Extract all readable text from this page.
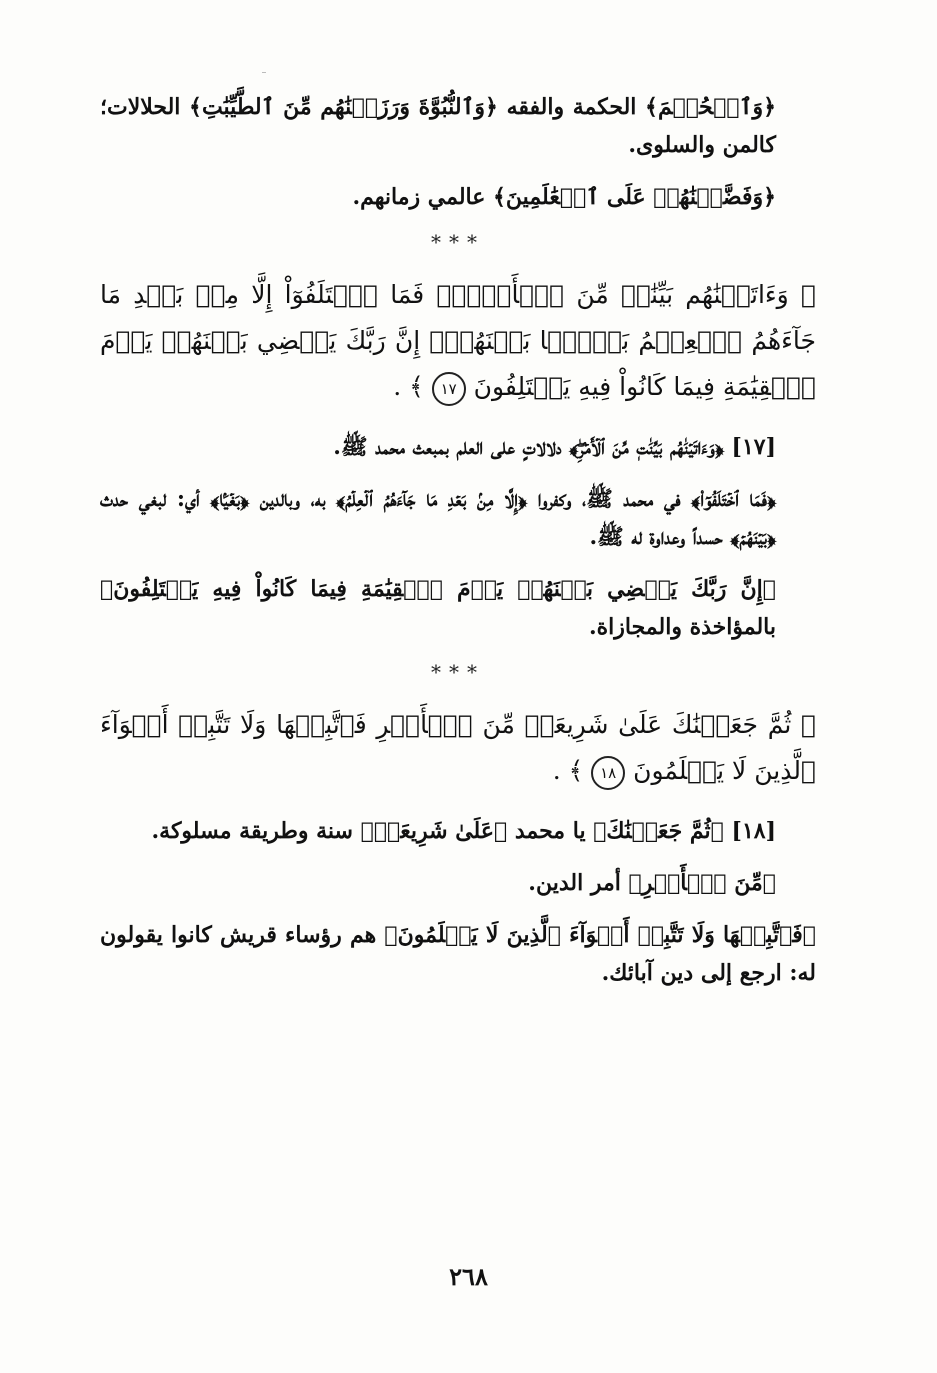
﴿وَٱلۡحُكۡمَ﴾ الحكمة والفقه ﴿وَٱلنُّبُوَّةَ وَرَزَقۡنَٰهُم مِّنَ ٱلطَّيِّبَٰتِ﴾ الحلالات؛ كالمن والسلوى.

﴿وَفَضَّلۡنَٰهُمۡ عَلَى ٱلۡعَٰلَمِينَ﴾ عالمي زمانهم.

***

﴿ وَءَاتَيۡنَٰهُم بَيِّنَٰتٖ مِّنَ ٱلۡأَمۡرِۖ فَمَا ٱخۡتَلَفُوٓاْ إِلَّا مِنۢ بَعۡدِ مَا جَآءَهُمُ ٱلۡعِلۡمُ بَغۡيَۢا بَيۡنَهُمۡۚ إِنَّ رَبَّكَ يَقۡضِي بَيۡنَهُمۡ يَوۡمَ ٱلۡقِيَٰمَةِ فِيمَا كَانُواْ فِيهِ يَخۡتَلِفُونَ ١٧ ﴾ .

[١٧] ﴿وَءَاتَيۡنَٰهُم بَيِّنَٰتٖ مِّنَ ٱلۡأَمۡرِۖ﴾ دلالاتٍ على العلم بمبعث محمد ﷺ.

﴿فَمَا ٱخۡتَلَفُوٓاْ﴾ في محمد ﷺ، وكفروا ﴿إِلَّا مِنۢ بَعۡدِ مَا جَآءَهُمُ ٱلۡعِلۡمُ﴾ به، وبالدين ﴿بَغۡيَۢا﴾ أي: لبغي حدث ﴿بَيۡنَهُمۡ﴾ حسداً وعداوة له ﷺ.

﴿إِنَّ رَبَّكَ يَقۡضِي بَيۡنَهُمۡ يَوۡمَ ٱلۡقِيَٰمَةِ فِيمَا كَانُواْ فِيهِ يَخۡتَلِفُونَ﴾ بالمؤاخذة والمجازاة.

***

﴿ ثُمَّ جَعَلۡنَٰكَ عَلَىٰ شَرِيعَةٖ مِّنَ ٱلۡأَمۡرِ فَٱتَّبِعۡهَا وَلَا تَتَّبِعۡ أَهۡوَآءَ ٱلَّذِينَ لَا يَعۡلَمُونَ ١٨ ﴾ .

[١٨] ﴿ثُمَّ جَعَلۡنَٰكَ﴾ يا محمد ﴿عَلَىٰ شَرِيعَةٖ﴾ سنة وطريقة مسلوكة.

﴿مِّنَ ٱلۡأَمۡرِ﴾ أمر الدين.

﴿فَٱتَّبِعۡهَا وَلَا تَتَّبِعۡ أَهۡوَآءَ ٱلَّذِينَ لَا يَعۡلَمُونَ﴾ هم رؤساء قريش كانوا يقولون له: ارجع إلى دين آبائك.

٢٦٨
